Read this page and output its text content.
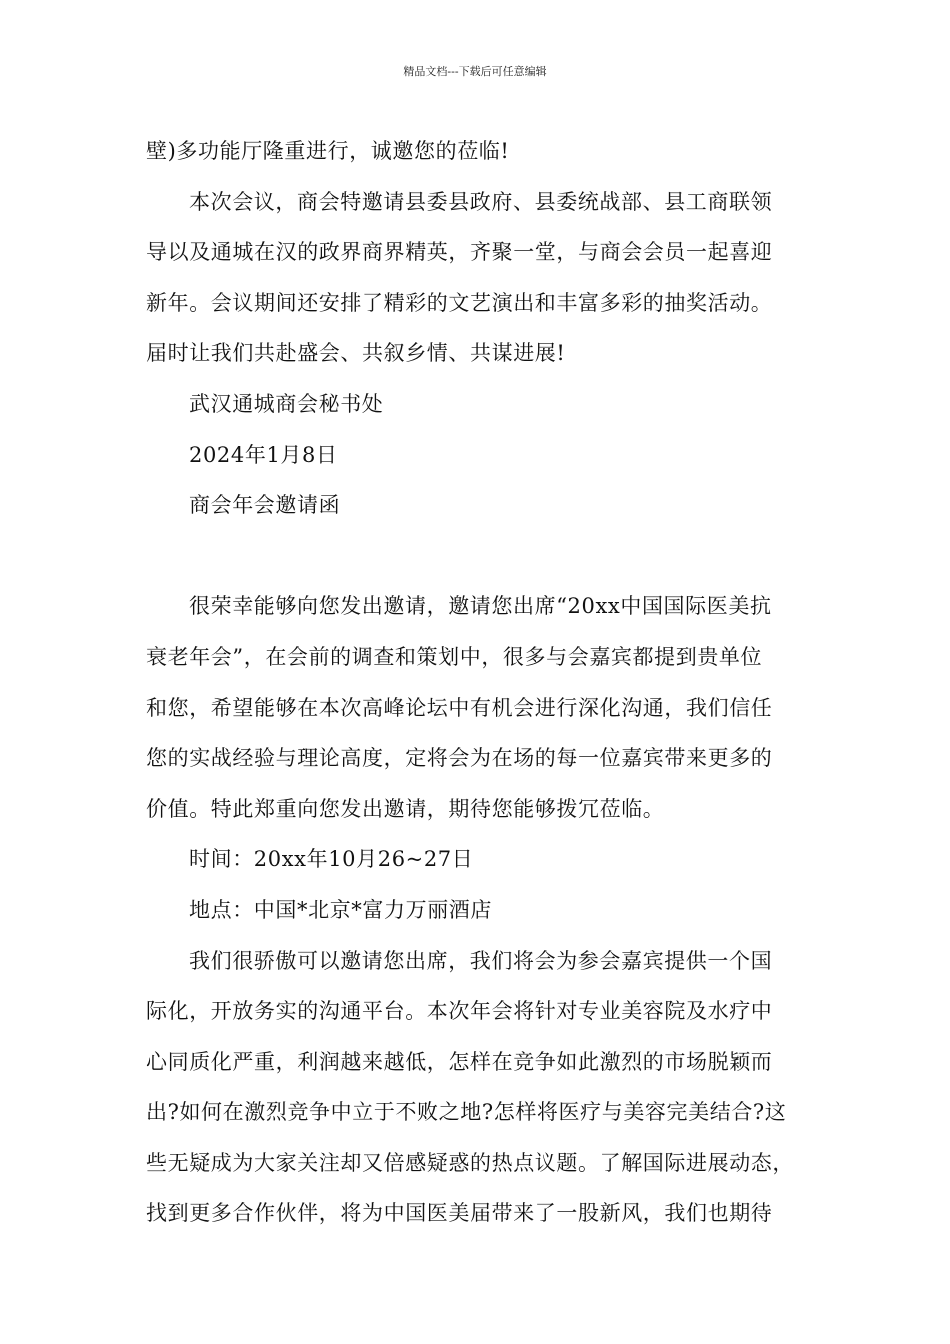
精品文档---下载后可任意编辑
壁)多功能厅隆重进行，诚邀您的莅临!
本次会议，商会特邀请县委县政府、县委统战部、县工商联领
导以及通城在汉的政界商界精英，齐聚一堂，与商会会员一起喜迎
新年。会议期间还安排了精彩的文艺演出和丰富多彩的抽奖活动。
届时让我们共赴盛会、共叙乡情、共谋进展!
武汉通城商会秘书处
2024年1月8日
商会年会邀请函
很荣幸能够向您发出邀请，邀请您出席“20xx中国国际医美抗
衰老年会”，在会前的调查和策划中，很多与会嘉宾都提到贵单位
和您，希望能够在本次高峰论坛中有机会进行深化沟通，我们信任
您的实战经验与理论高度，定将会为在场的每一位嘉宾带来更多的
价值。特此郑重向您发出邀请，期待您能够拨冗莅临。
时间：20xx年10月26~27日
地点：中国*北京*富力万丽酒店
我们很骄傲可以邀请您出席，我们将会为参会嘉宾提供一个国
际化，开放务实的沟通平台。本次年会将针对专业美容院及水疗中
心同质化严重，利润越来越低，怎样在竞争如此激烈的市场脱颖而
出?如何在激烈竞争中立于不败之地?怎样将医疗与美容完美结合?这
些无疑成为大家关注却又倍感疑惑的热点议题。了解国际进展动态，
找到更多合作伙伴，将为中国医美届带来了一股新风，我们也期待
